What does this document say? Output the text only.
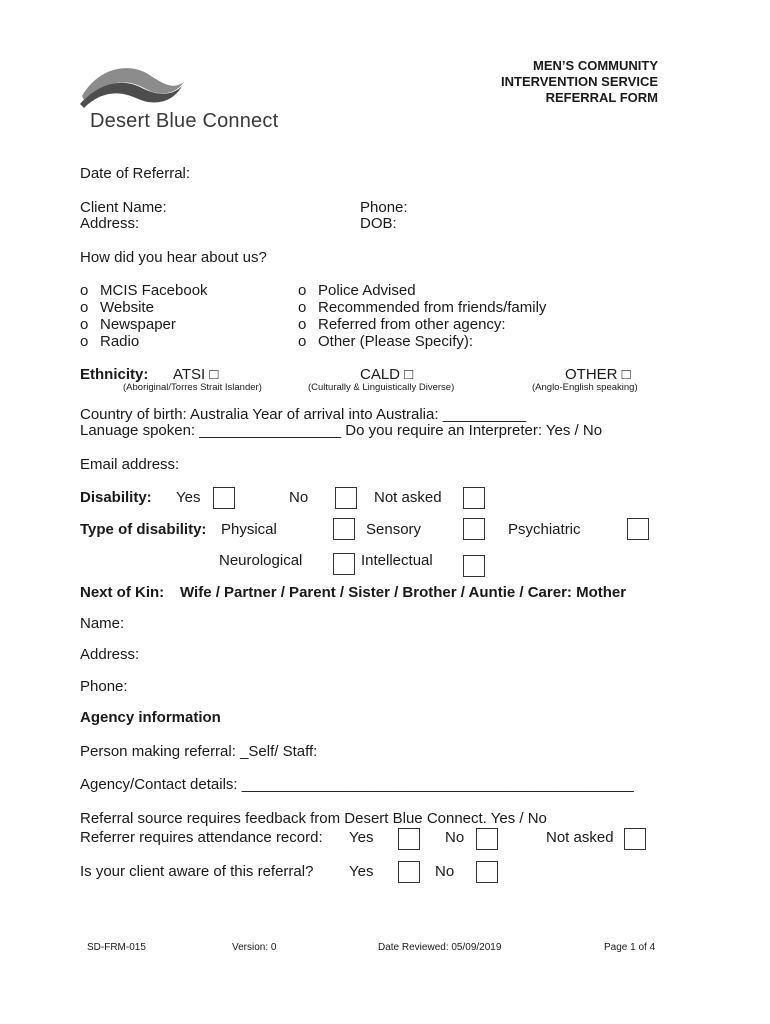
Desert Blue Connect
MEN’S COMMUNITY
INTERVENTION SERVICE
REFERRAL FORM
Date of Referral:
Client Name:
Address:
Phone:
DOB:
How did you hear about us?
o MCIS Facebook
o Website
o Newspaper
o Radio
o Police Advised
o Recommended from friends/family
o Referred from other agency:
o Other (Please Specify):
Ethnicity: ATSI □
(Aboriginal/Torres Strait Islander)
CALD □
(Culturally & Linguistically Diverse)
OTHER □
(Anglo-English speaking)
Country of birth: Australia Year of arrival into Australia: __________
Lanuage spoken: _________________ Do you require an Interpreter: Yes / No
Email address:
Disability: Yes	No	Not asked
Type of disability: Physical	Sensory	Psychiatric
Neurological	Intellectual
Next of Kin: Wife / Partner / Parent / Sister / Brother / Auntie / Carer: Mother
Name:
Address:
Phone:
Agency information
Person making referral: _Self/ Staff:
Agency/Contact details: _______________________________________________
Referral source requires feedback from Desert Blue Connect. Yes / No
Referrer requires attendance record: Yes	No	Not asked
Is your client aware of this referral? Yes	No
SD-FRM-015	Version: 0	Date Reviewed: 05/09/2019	Page 1 of 4
